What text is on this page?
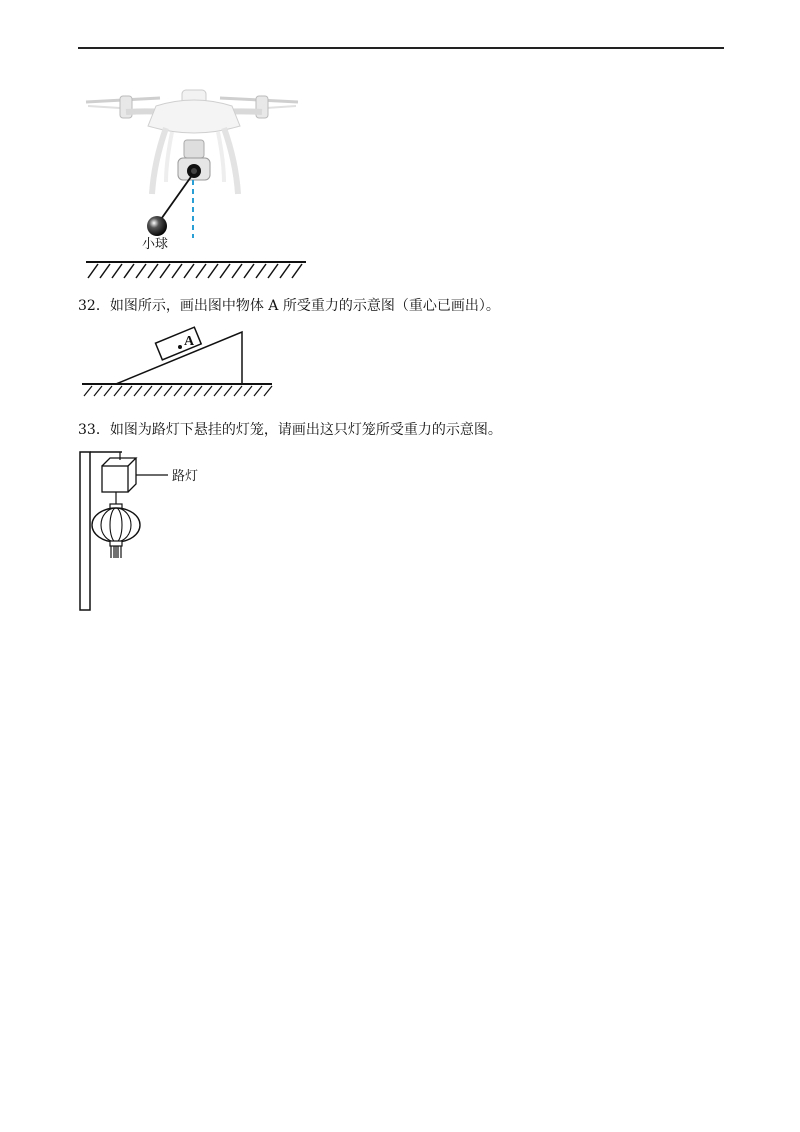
小球
32．如图所示，画出图中物体 A 所受重力的示意图（重心已画出）。
A
33．如图为路灯下悬挂的灯笼，请画出这只灯笼所受重力的示意图。
路灯
